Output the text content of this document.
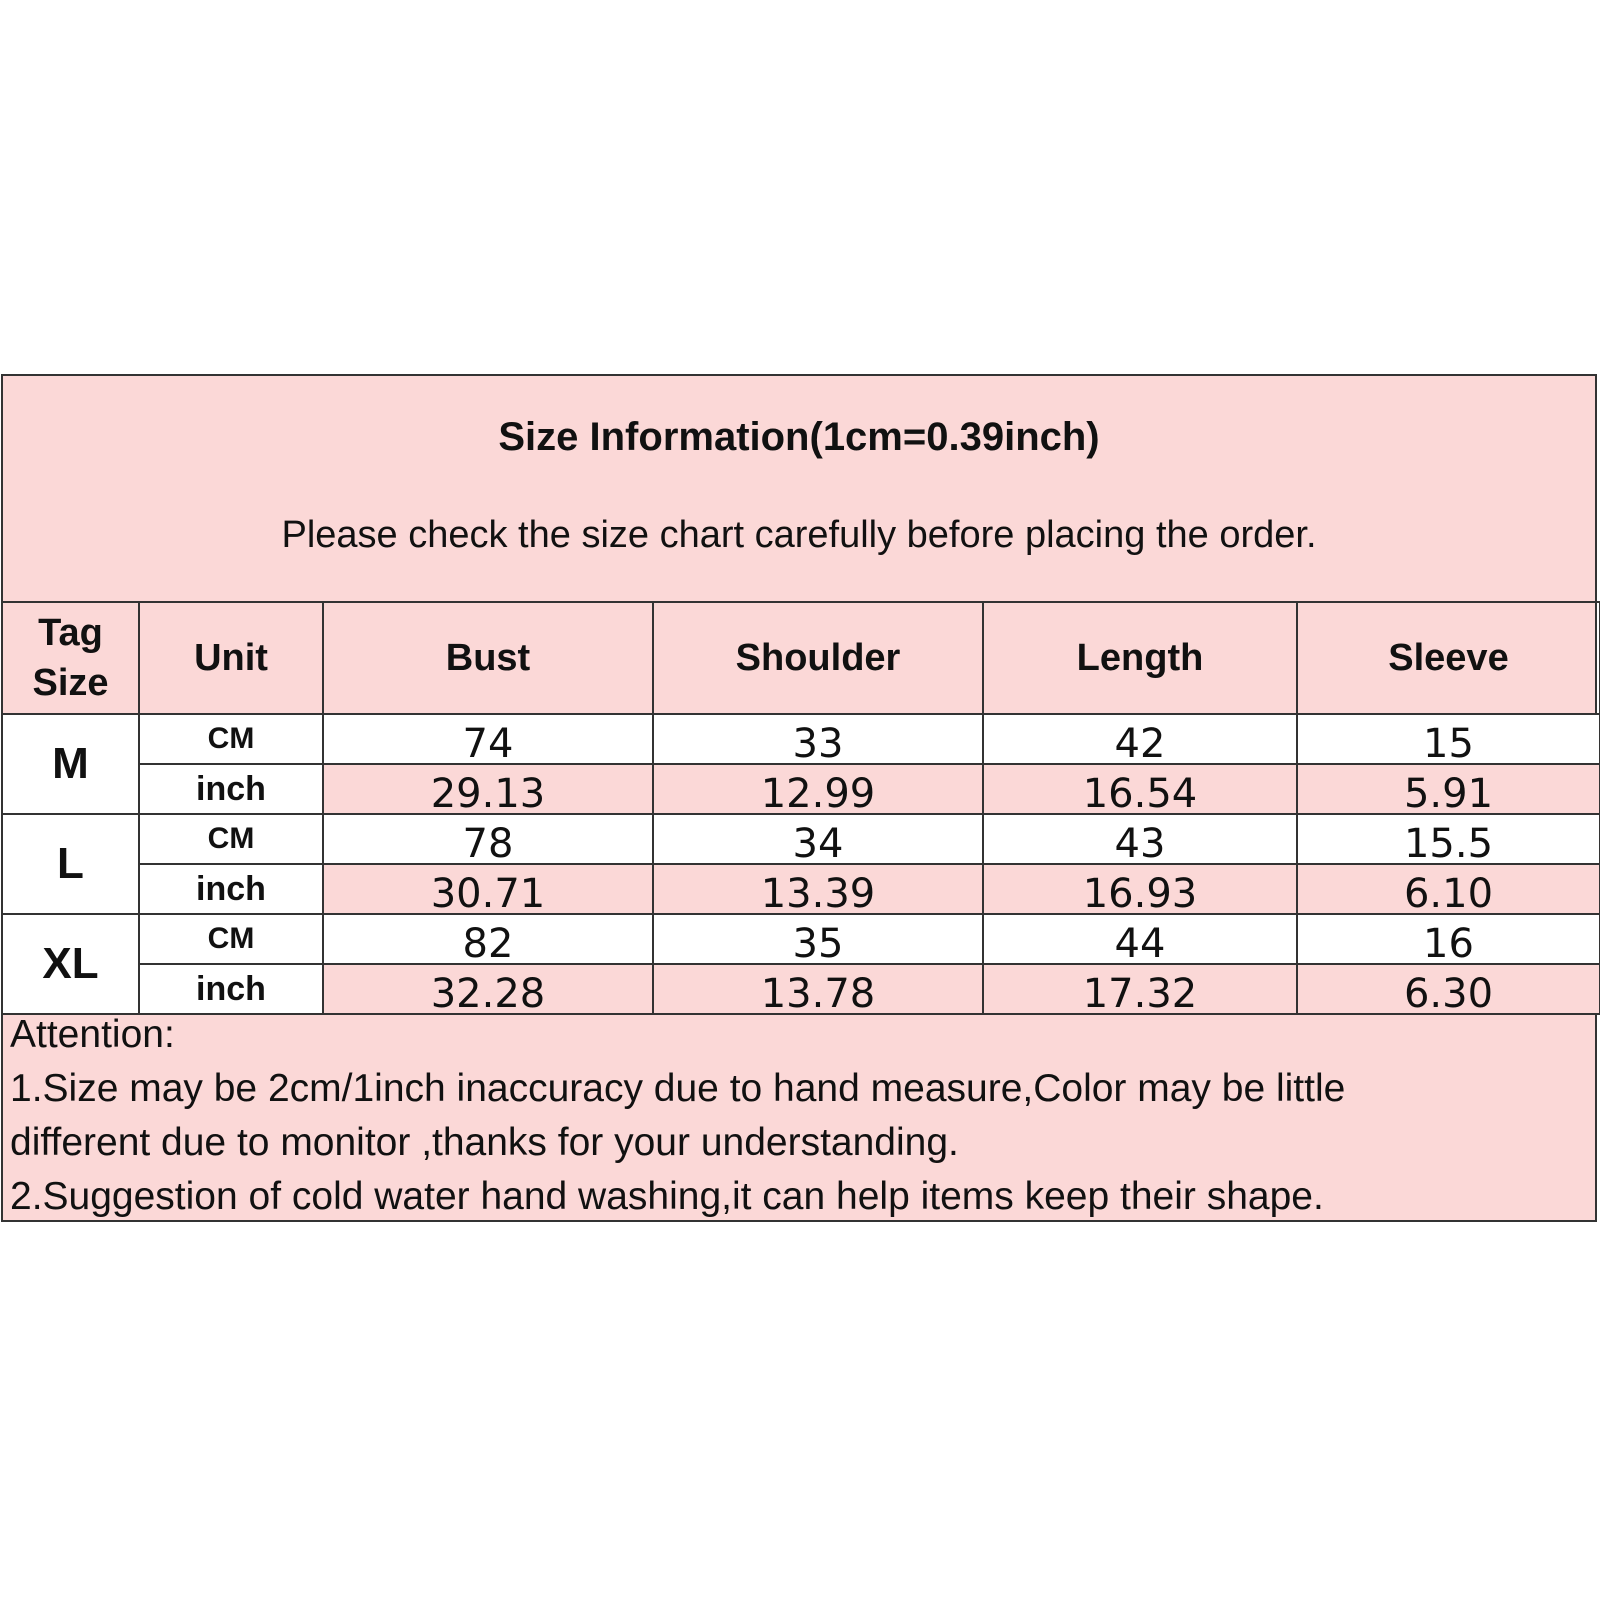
Size Information(1cm=0.39inch)
Please check the size chart carefully before placing the order.
Tag
Size	Unit	Bust	Shoulder	Length	Sleeve
M	CM	74	33	42	15
	inch	29.13	12.99	16.54	5.91
L	CM	78	34	43	15.5
	inch	30.71	13.39	16.93	6.10
XL	CM	82	35	44	16
	inch	32.28	13.78	17.32	6.30
Attention:
1.Size may be 2cm/1inch inaccuracy due to hand measure,Color may be little
different due to monitor ,thanks for your understanding.
2.Suggestion of cold water hand washing,it can help items keep their shape.
